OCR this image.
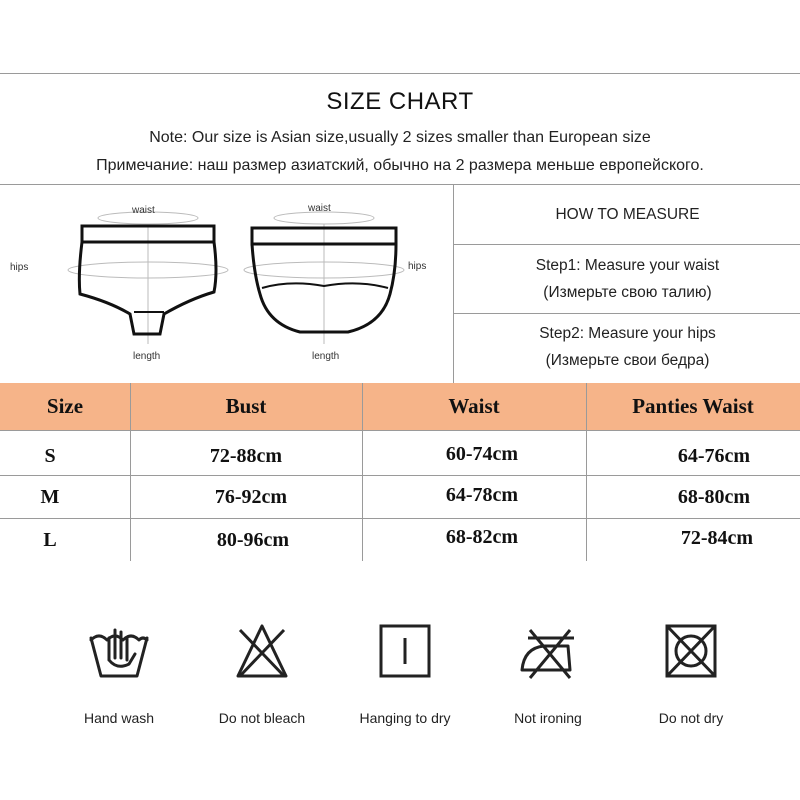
SIZE CHART
Note: Our size is Asian size,usually 2 sizes smaller than European size
Примечание: наш размер азиатский, обычно на 2 размера меньше европейского.
waist
hips
length
waist
hips
length
HOW TO MEASURE
Step1: Measure your waist
(Измерьте свою талию)
Step2: Measure your hips
(Измерьте свои бедра)
Size	Bust	Waist	Panties Waist
S	72-88cm	60-74cm	64-76cm
M	76-92cm	64-78cm	68-80cm
L	80-96cm	68-82cm	72-84cm
Hand wash	Do not bleach	Hanging to dry	Not ironing	Do not dry
